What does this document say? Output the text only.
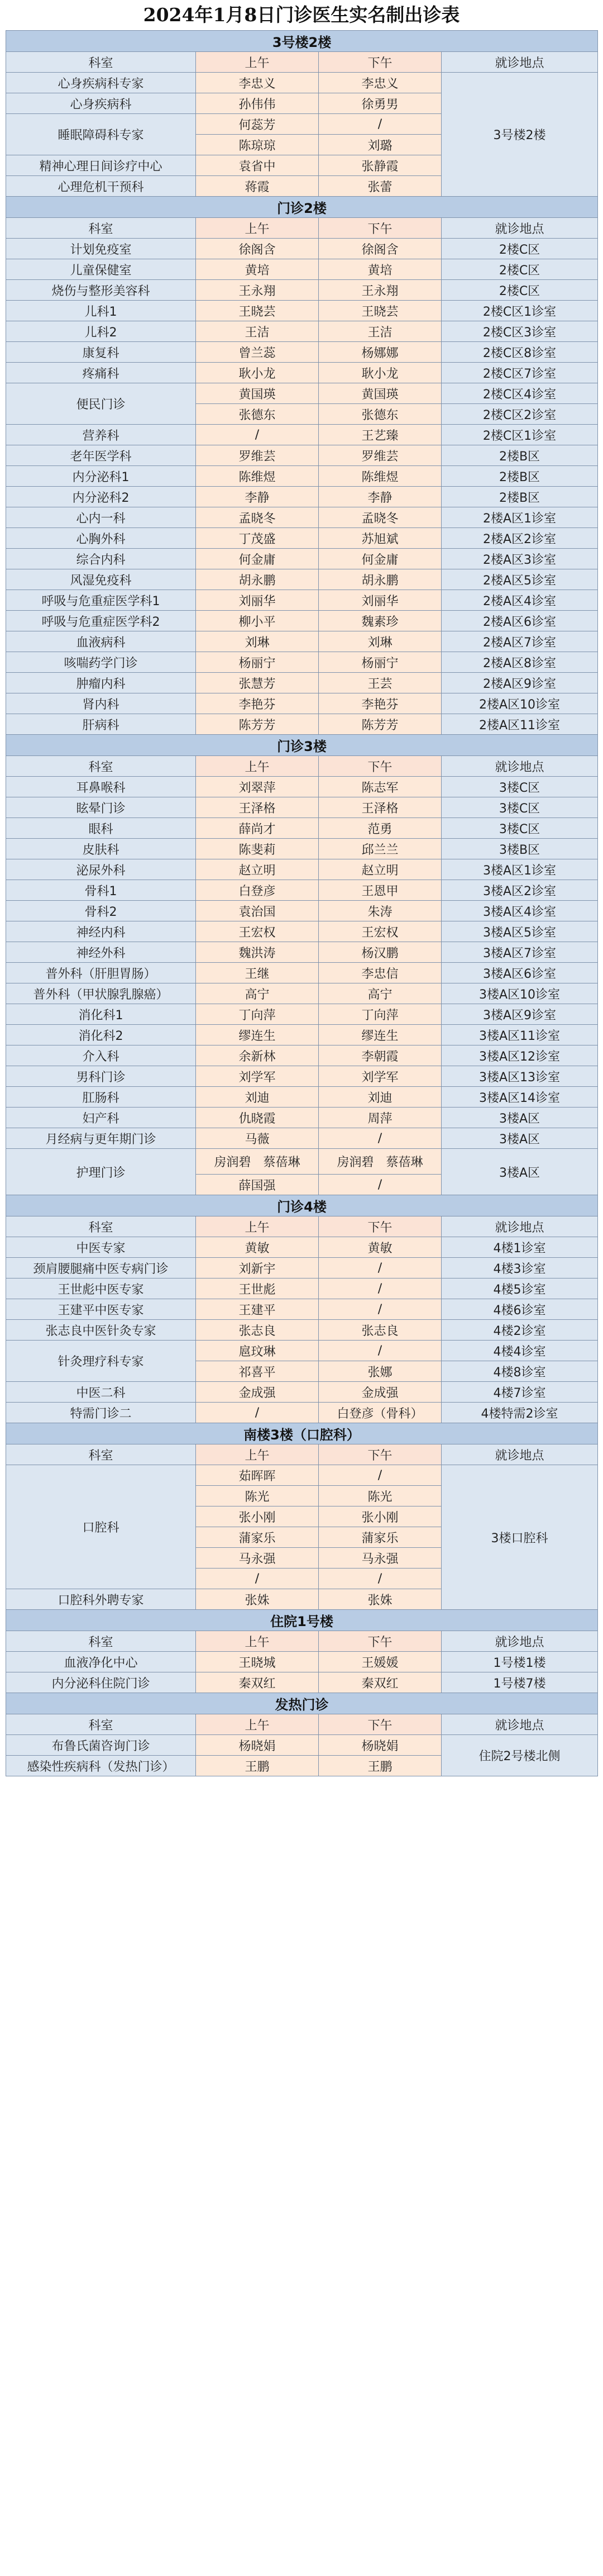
2024年1月8日门诊医生实名制出诊表
3号楼2楼			
科室	上午	下午	就诊地点
心身疾病科专家	李忠义	李忠义	3号楼2楼
心身疾病科	孙伟伟	徐勇男	
睡眠障碍科专家	何蕊芳	/	
	陈琼琼	刘璐	
精神心理日间诊疗中心	袁省中	张静霞	
心理危机干预科	蒋霞	张蕾	
门诊2楼			
科室	上午	下午	就诊地点
计划免疫室	徐阁含	徐阁含	2楼C区
儿童保健室	黄培	黄培	2楼C区
烧伤与整形美容科	王永翔	王永翔	2楼C区
儿科1	王晓芸	王晓芸	2楼C区1诊室
儿科2	王洁	王洁	2楼C区3诊室
康复科	曾兰蕊	杨娜娜	2楼C区8诊室
疼痛科	耿小龙	耿小龙	2楼C区7诊室
便民门诊	黄国瑛	黄国瑛	2楼C区4诊室
	张德东	张德东	2楼C区2诊室
营养科	/	王艺臻	2楼C区1诊室
老年医学科	罗维芸	罗维芸	2楼B区
内分泌科1	陈维煜	陈维煜	2楼B区
内分泌科2	李静	李静	2楼B区
心内一科	孟晓冬	孟晓冬	2楼A区1诊室
心胸外科	丁茂盛	苏旭斌	2楼A区2诊室
综合内科	何金庸	何金庸	2楼A区3诊室
风湿免疫科	胡永鹏	胡永鹏	2楼A区5诊室
呼吸与危重症医学科1	刘丽华	刘丽华	2楼A区4诊室
呼吸与危重症医学科2	柳小平	魏素珍	2楼A区6诊室
血液病科	刘琳	刘琳	2楼A区7诊室
咳喘药学门诊	杨丽宁	杨丽宁	2楼A区8诊室
肿瘤内科	张慧芳	王芸	2楼A区9诊室
肾内科	李艳芬	李艳芬	2楼A区10诊室
肝病科	陈芳芳	陈芳芳	2楼A区11诊室
门诊3楼			
科室	上午	下午	就诊地点
耳鼻喉科	刘翠萍	陈志军	3楼C区
眩晕门诊	王泽格	王泽格	3楼C区
眼科	薛尚才	范勇	3楼C区
皮肤科	陈斐莉	邱兰兰	3楼B区
泌尿外科	赵立明	赵立明	3楼A区1诊室
骨科1	白登彦	王恩甲	3楼A区2诊室
骨科2	袁治国	朱涛	3楼A区4诊室
神经内科	王宏权	王宏权	3楼A区5诊室
神经外科	魏洪涛	杨汉鹏	3楼A区7诊室
普外科（肝胆胃肠）	王继	李忠信	3楼A区6诊室
普外科（甲状腺乳腺癌）	高宁	高宁	3楼A区10诊室
消化科1	丁向萍	丁向萍	3楼A区9诊室
消化科2	缪连生	缪连生	3楼A区11诊室
介入科	余新林	李朝霞	3楼A区12诊室
男科门诊	刘学军	刘学军	3楼A区13诊室
肛肠科	刘迪	刘迪	3楼A区14诊室
妇产科	仇晓霞	周萍	3楼A区
月经病与更年期门诊	马薇	/	3楼A区
护理门诊	房润碧　蔡蓓琳	房润碧　蔡蓓琳	3楼A区
	薛国强	/	
门诊4楼			
科室	上午	下午	就诊地点
中医专家	黄敏	黄敏	4楼1诊室
颈肩腰腿痛中医专病门诊	刘新宇	/	4楼3诊室
王世彪中医专家	王世彪	/	4楼5诊室
王建平中医专家	王建平	/	4楼6诊室
张志良中医针灸专家	张志良	张志良	4楼2诊室
针灸理疗科专家	扈玟琳	/	4楼4诊室
	祁喜平	张娜	4楼8诊室
中医二科	金成强	金成强	4楼7诊室
特需门诊二	/	白登彦（骨科）	4楼特需2诊室
南楼3楼（口腔科）			
科室	上午	下午	就诊地点
口腔科	茹晖晖	/	3楼口腔科
	陈光	陈光	
	张小刚	张小刚	
	蒲家乐	蒲家乐	
	马永强	马永强	
	/	/	
口腔科外聘专家	张姝	张姝	
住院1号楼			
科室	上午	下午	就诊地点
血液净化中心	王晓城	王媛媛	1号楼1楼
内分泌科住院门诊	秦双红	秦双红	1号楼7楼
发热门诊			
科室	上午	下午	就诊地点
布鲁氏菌咨询门诊	杨晓娟	杨晓娟	住院2号楼北侧
感染性疾病科（发热门诊）	王鹏	王鹏	
